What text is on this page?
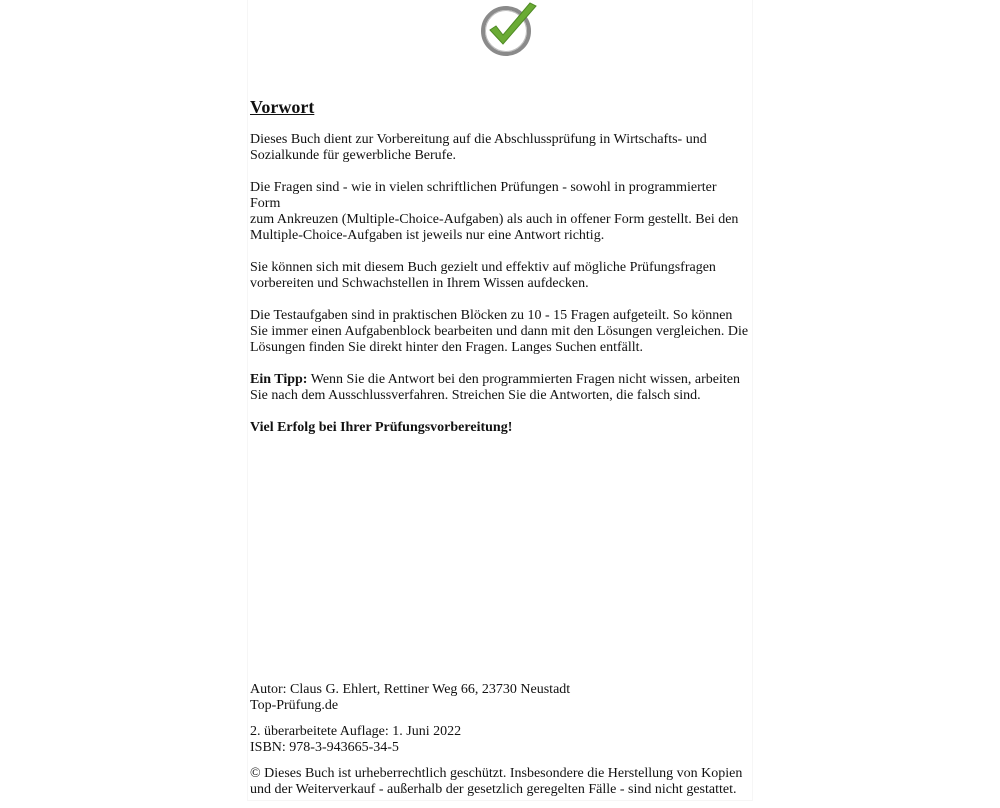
Vorwort
Dieses Buch dient zur Vorbereitung auf die Abschlussprüfung in Wirtschafts- und
Sozialkunde für gewerbliche Berufe.
Die Fragen sind - wie in vielen schriftlichen Prüfungen - sowohl in programmierter Form
zum Ankreuzen (Multiple-Choice-Aufgaben) als auch in offener Form gestellt. Bei den
Multiple-Choice-Aufgaben ist jeweils nur eine Antwort richtig.
Sie können sich mit diesem Buch gezielt und effektiv auf mögliche Prüfungsfragen
vorbereiten und Schwachstellen in Ihrem Wissen aufdecken.
Die Testaufgaben sind in praktischen Blöcken zu 10 - 15 Fragen aufgeteilt. So können
Sie immer einen Aufgabenblock bearbeiten und dann mit den Lösungen vergleichen. Die
Lösungen finden Sie direkt hinter den Fragen. Langes Suchen entfällt.
Ein Tipp: Wenn Sie die Antwort bei den programmierten Fragen nicht wissen, arbeiten
Sie nach dem Ausschlussverfahren. Streichen Sie die Antworten, die falsch sind.
Viel Erfolg bei Ihrer Prüfungsvorbereitung!
Autor: Claus G. Ehlert, Rettiner Weg 66, 23730 Neustadt
Top-Prüfung.de
2. überarbeitete Auflage: 1. Juni 2022
ISBN: 978-3-943665-34-5
© Dieses Buch ist urheberrechtlich geschützt. Insbesondere die Herstellung von Kopien
und der Weiterverkauf - außerhalb der gesetzlich geregelten Fälle - sind nicht gestattet.
